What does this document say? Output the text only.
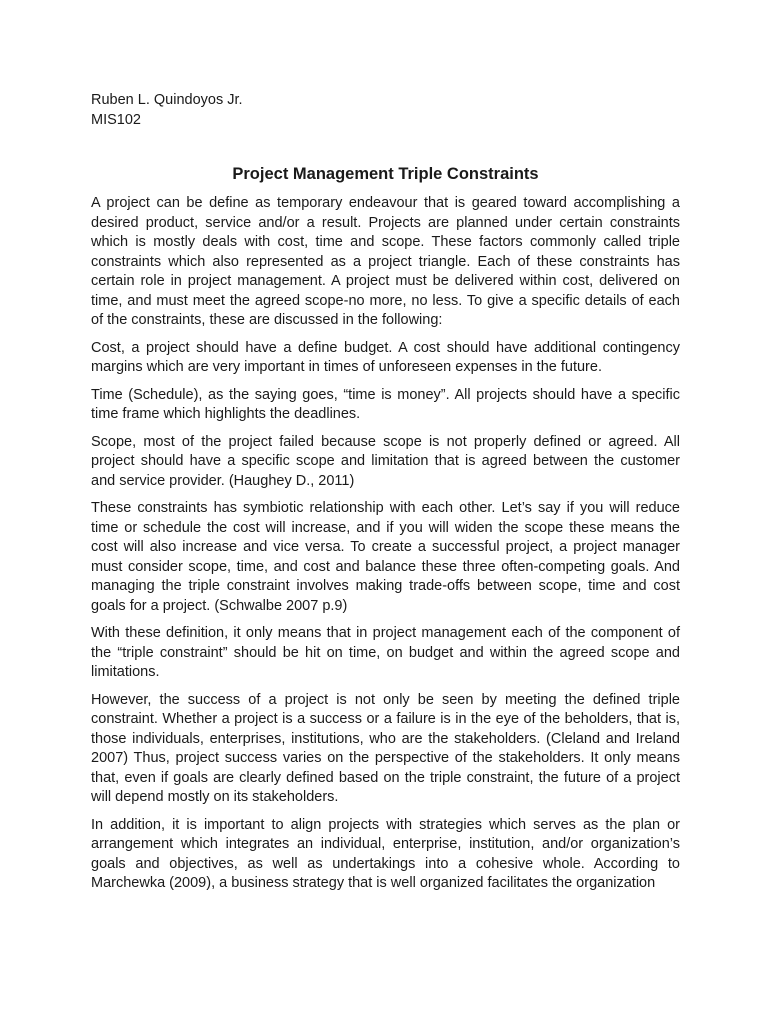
Ruben L. Quindoyos Jr.

MIS102

Project Management Triple Constraints

A project can be define as temporary endeavour that is geared toward accomplishing a desired product, service and/or a result. Projects are planned under certain constraints which is mostly deals with cost, time and scope. These factors commonly called triple constraints which also represented as a project triangle. Each of these constraints has certain role in project management. A project must be delivered within cost, delivered on time, and must meet the agreed scope-no more, no less. To give a specific details of each of the constraints, these are discussed in the following:

Cost, a project should have a define budget. A cost should have additional contingency margins which are very important in times of unforeseen expenses in the future.

Time (Schedule), as the saying goes, “time is money”. All projects should have a specific time frame which highlights the deadlines.

Scope, most of the project failed because scope is not properly defined or agreed. All project should have a specific scope and limitation that is agreed between the customer and service provider. (Haughey D., 2011)

These constraints has symbiotic relationship with each other. Let’s say if you will reduce time or schedule the cost will increase, and if you will widen the scope these means the cost will also increase and vice versa. To create a successful project, a project manager must consider scope, time, and cost and balance these three often-competing goals. And managing the triple constraint involves making trade-offs between scope, time and cost goals for a project. (Schwalbe 2007 p.9)

With these definition, it only means that in project management each of the component of the “triple constraint” should be hit on time, on budget and within the agreed scope and limitations.

However, the success of a project is not only be seen by meeting the defined triple constraint. Whether a project is a success or a failure is in the eye of the beholders, that is, those individuals, enterprises, institutions, who are the stakeholders. (Cleland and Ireland 2007) Thus, project success varies on the perspective of the stakeholders. It only means that, even if goals are clearly defined based on the triple constraint, the future of a project will depend mostly on its stakeholders.

In addition, it is important to align projects with strategies which serves as the plan or arrangement which integrates an individual, enterprise, institution, and/or organization’s goals and objectives, as well as undertakings into a cohesive whole. According to Marchewka (2009), a business strategy that is well organized facilitates the organization
